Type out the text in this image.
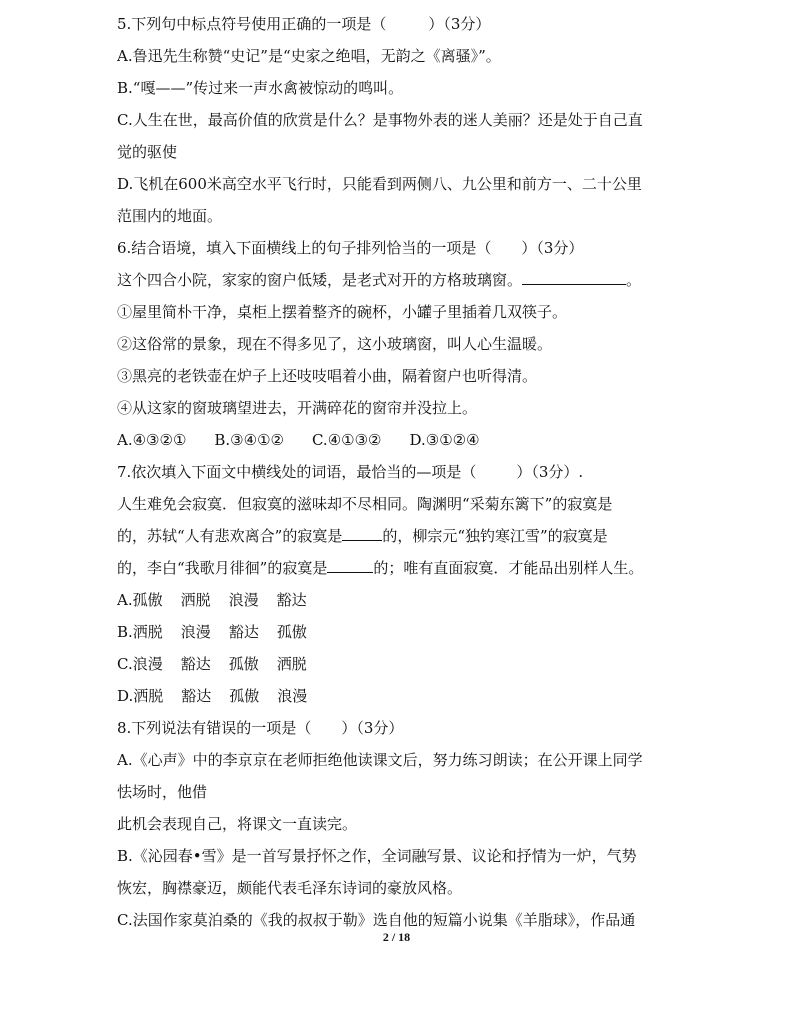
5.下列句中标点符号使用正确的一项是（	）（3分）
A.鲁迅先生称赞“史记”是“史家之绝唱，无韵之《离骚》”。
B.“嘎——”传过来一声水禽被惊动的鸣叫。
C.人生在世，最高价值的欣赏是什么？是事物外表的迷人美丽？还是处于自己直
觉的驱使
D.飞机在600米高空水平飞行时，只能看到两侧八、九公里和前方一、二十公里
范围内的地面。
6.结合语境，填入下面横线上的句子排列恰当的一项是（ ）（3分）
这个四合小院，家家的窗户低矮，是老式对开的方格玻璃窗。	。
①屋里简朴干净，桌柜上摆着整齐的碗杯，小罐子里插着几双筷子。
②这俗常的景象，现在不得多见了，这小玻璃窗，叫人心生温暖。
③黑亮的老铁壶在炉子上还吱吱唱着小曲，隔着窗户也听得清。
④从这家的窗玻璃望进去，开满碎花的窗帘并没拉上。
A.④③②① B.③④①② C.④①③② D.③①②④
7.依次填入下面文中横线处的词语，最恰当的—项是（	）（3分）.
人生难免会寂寞．但寂寞的滋味却不尽相同。陶渊明“采菊东篱下”的寂寞是
的，苏轼“人有悲欢离合”的寂寞是	的，柳宗元“独钓寒江雪”的寂寞是
的，李白“我歌月徘徊”的寂寞是	的；唯有直面寂寞．才能品出别样人生。
A.孤傲 洒脱 浪漫 豁达
B.洒脱 浪漫 豁达 孤傲
C.浪漫 豁达 孤傲 洒脱
D.洒脱 豁达 孤傲 浪漫
8.下列说法有错误的一项是（ ）（3分）
A.《心声》中的李京京在老师拒绝他读课文后，努力练习朗读；在公开课上同学
怯场时，他借
此机会表现自己，将课文一直读完。
B.《沁园春•雪》是一首写景抒怀之作，全词融写景、议论和抒情为一炉，气势
恢宏，胸襟豪迈，颇能代表毛泽东诗词的豪放风格。
C.法国作家莫泊桑的《我的叔叔于勒》选自他的短篇小说集《羊脂球》，作品通
2 / 18
